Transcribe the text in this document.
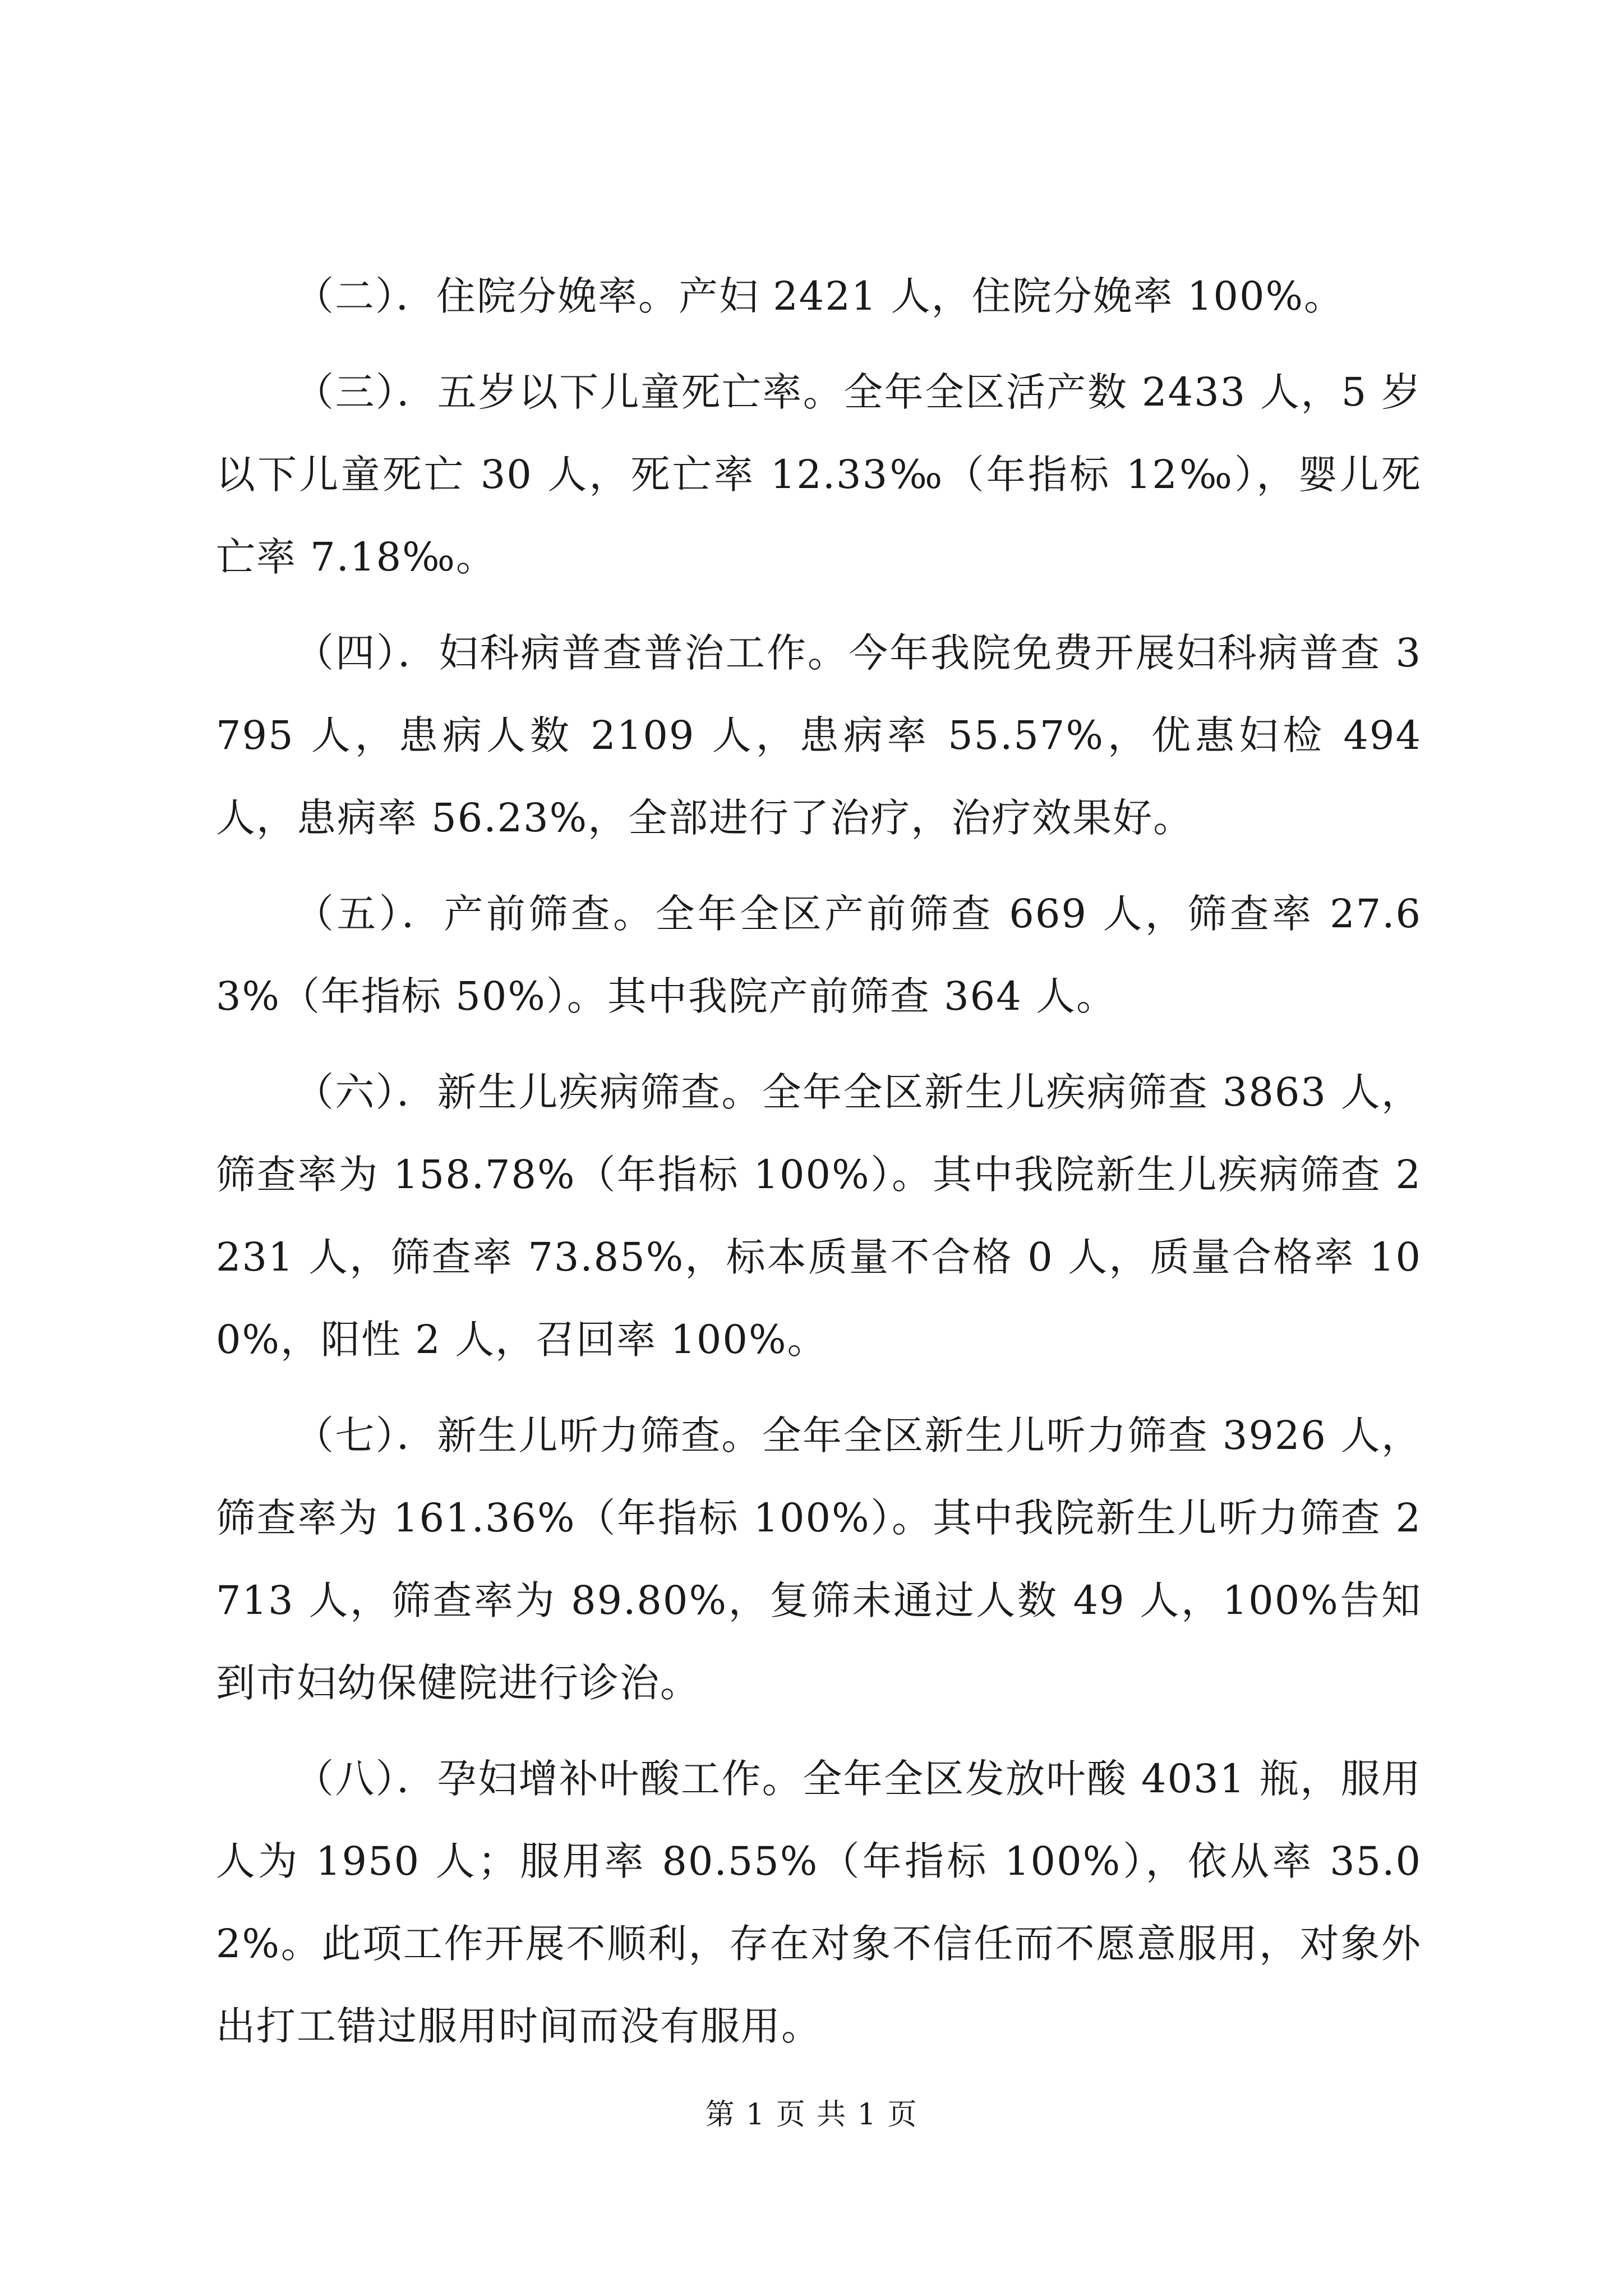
（二）．住院分娩率。产妇 2421 人，住院分娩率 100%。

（三）．五岁以下儿童死亡率。全年全区活产数 2433 人，5 岁以下儿童死亡 30 人，死亡率 12.33‰（年指标 12‰），婴儿死亡率 7.18‰。

（四）．妇科病普查普治工作。今年我院免费开展妇科病普查 3795 人，患病人数 2109 人，患病率 55.57%，优惠妇检 494 人，患病率 56.23%，全部进行了治疗，治疗效果好。

（五）．产前筛查。全年全区产前筛查 669 人，筛查率 27.63%（年指标 50%）。其中我院产前筛查 364 人。

（六）．新生儿疾病筛查。全年全区新生儿疾病筛查 3863 人，筛查率为 158.78%（年指标 100%）。其中我院新生儿疾病筛查 2231 人，筛查率 73.85%，标本质量不合格 0 人，质量合格率 100%，阳性 2 人，召回率 100%。

（七）．新生儿听力筛查。全年全区新生儿听力筛查 3926 人，筛查率为 161.36%（年指标 100%）。其中我院新生儿听力筛查 2713 人，筛查率为 89.80%，复筛未通过人数 49 人，100%告知到市妇幼保健院进行诊治。

（八）．孕妇增补叶酸工作。全年全区发放叶酸 4031 瓶，服用人为 1950 人；服用率 80.55%（年指标 100%），依从率 35.02%。此项工作开展不顺利，存在对象不信任而不愿意服用，对象外出打工错过服用时间而没有服用。

第 1 页 共 1 页
